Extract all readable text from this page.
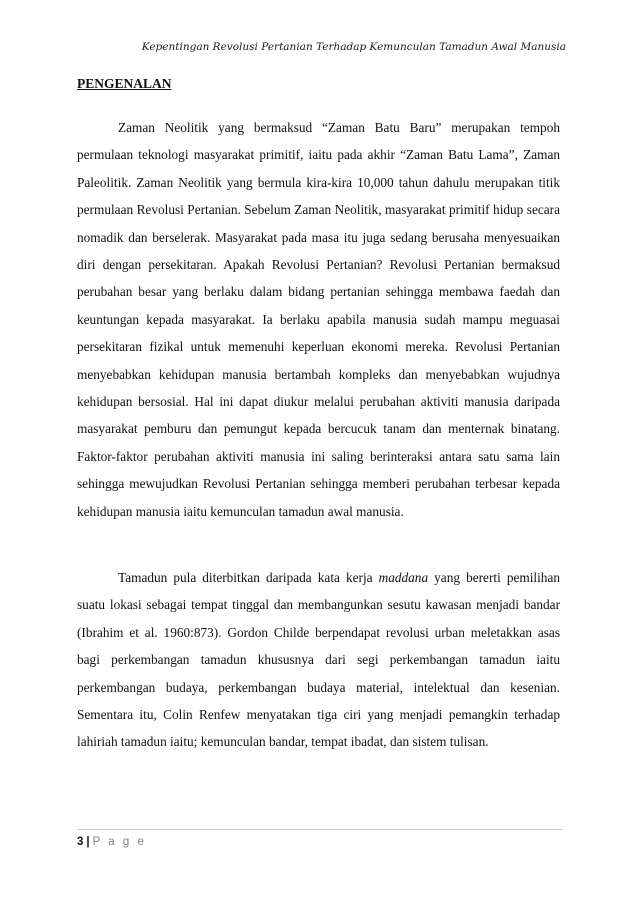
Kepentingan Revolusi Pertanian Terhadap Kemunculan Tamadun Awal Manusia
PENGENALAN

Zaman Neolitik yang bermaksud “Zaman Batu Baru” merupakan tempoh permulaan teknologi masyarakat primitif, iaitu pada akhir “Zaman Batu Lama”, Zaman Paleolitik. Zaman Neolitik yang bermula kira-kira 10,000 tahun dahulu merupakan titik permulaan Revolusi Pertanian. Sebelum Zaman Neolitik, masyarakat primitif hidup secara nomadik dan berselerak. Masyarakat pada masa itu juga sedang berusaha menyesuaikan diri dengan persekitaran. Apakah Revolusi Pertanian? Revolusi Pertanian bermaksud perubahan besar yang berlaku dalam bidang pertanian sehingga membawa faedah dan keuntungan kepada masyarakat. Ia berlaku apabila manusia sudah mampu meguasai persekitaran fizikal untuk memenuhi keperluan ekonomi mereka. Revolusi Pertanian menyebabkan kehidupan manusia bertambah kompleks dan menyebabkan wujudnya kehidupan bersosial. Hal ini dapat diukur melalui perubahan aktiviti manusia daripada masyarakat pemburu dan pemungut kepada bercucuk tanam dan menternak binatang. Faktor-faktor perubahan aktiviti manusia ini saling berinteraksi antara satu sama lain sehingga mewujudkan Revolusi Pertanian sehingga memberi perubahan terbesar kepada kehidupan manusia iaitu kemunculan tamadun awal manusia.

Tamadun pula diterbitkan daripada kata kerja maddana yang bererti pemilihan suatu lokasi sebagai tempat tinggal dan membangunkan sesutu kawasan menjadi bandar (Ibrahim et al. 1960:873). Gordon Childe berpendapat revolusi urban meletakkan asas bagi perkembangan tamadun khususnya dari segi perkembangan tamadun iaitu perkembangan budaya, perkembangan budaya material, intelektual dan kesenian. Sementara itu, Colin Renfew menyatakan tiga ciri yang menjadi pemangkin terhadap lahiriah tamadun iaitu; kemunculan bandar, tempat ibadat, dan sistem tulisan.

3 | P a g e
